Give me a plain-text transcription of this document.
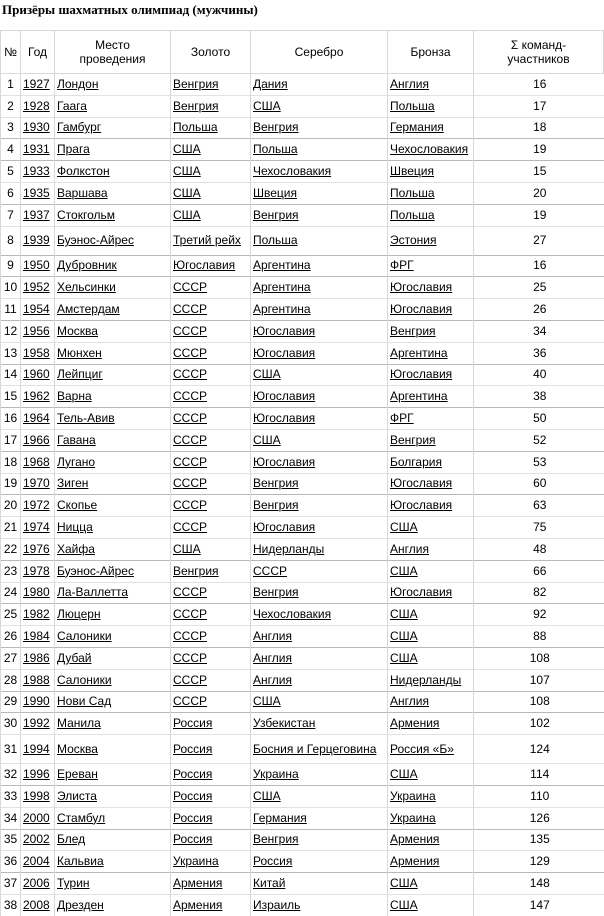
Призёры шахматных олимпиад (мужчины)
№	Год	Место проведения	Золото	Серебро	Бронза	Σ команд-участников
1	1927	Лондон	Венгрия	Дания	Англия	16
2	1928	Гаага	Венгрия	США	Польша	17
3	1930	Гамбург	Польша	Венгрия	Германия	18
4	1931	Прага	США	Польша	Чехословакия	19
5	1933	Фолкстон	США	Чехословакия	Швеция	15
6	1935	Варшава	США	Швеция	Польша	20
7	1937	Стокгольм	США	Венгрия	Польша	19
8	1939	Буэнос-Айрес	Третий рейх	Польша	Эстония	27
9	1950	Дубровник	Югославия	Аргентина	ФРГ	16
10	1952	Хельсинки	СССР	Аргентина	Югославия	25
11	1954	Амстердам	СССР	Аргентина	Югославия	26
12	1956	Москва	СССР	Югославия	Венгрия	34
13	1958	Мюнхен	СССР	Югославия	Аргентина	36
14	1960	Лейпциг	СССР	США	Югославия	40
15	1962	Варна	СССР	Югославия	Аргентина	38
16	1964	Тель-Авив	СССР	Югославия	ФРГ	50
17	1966	Гавана	СССР	США	Венгрия	52
18	1968	Лугано	СССР	Югославия	Болгария	53
19	1970	Зиген	СССР	Венгрия	Югославия	60
20	1972	Скопье	СССР	Венгрия	Югославия	63
21	1974	Ницца	СССР	Югославия	США	75
22	1976	Хайфа	США	Нидерланды	Англия	48
23	1978	Буэнос-Айрес	Венгрия	СССР	США	66
24	1980	Ла-Валлетта	СССР	Венгрия	Югославия	82
25	1982	Люцерн	СССР	Чехословакия	США	92
26	1984	Салоники	СССР	Англия	США	88
27	1986	Дубай	СССР	Англия	США	108
28	1988	Салоники	СССР	Англия	Нидерланды	107
29	1990	Нови Сад	СССР	США	Англия	108
30	1992	Манила	Россия	Узбекистан	Армения	102
31	1994	Москва	Россия	Босния и Герцеговина	Россия «Б»	124
32	1996	Ереван	Россия	Украина	США	114
33	1998	Элиста	Россия	США	Украина	110
34	2000	Стамбул	Россия	Германия	Украина	126
35	2002	Блед	Россия	Венгрия	Армения	135
36	2004	Кальвиа	Украина	Россия	Армения	129
37	2006	Турин	Армения	Китай	США	148
38	2008	Дрезден	Армения	Израиль	США	147
